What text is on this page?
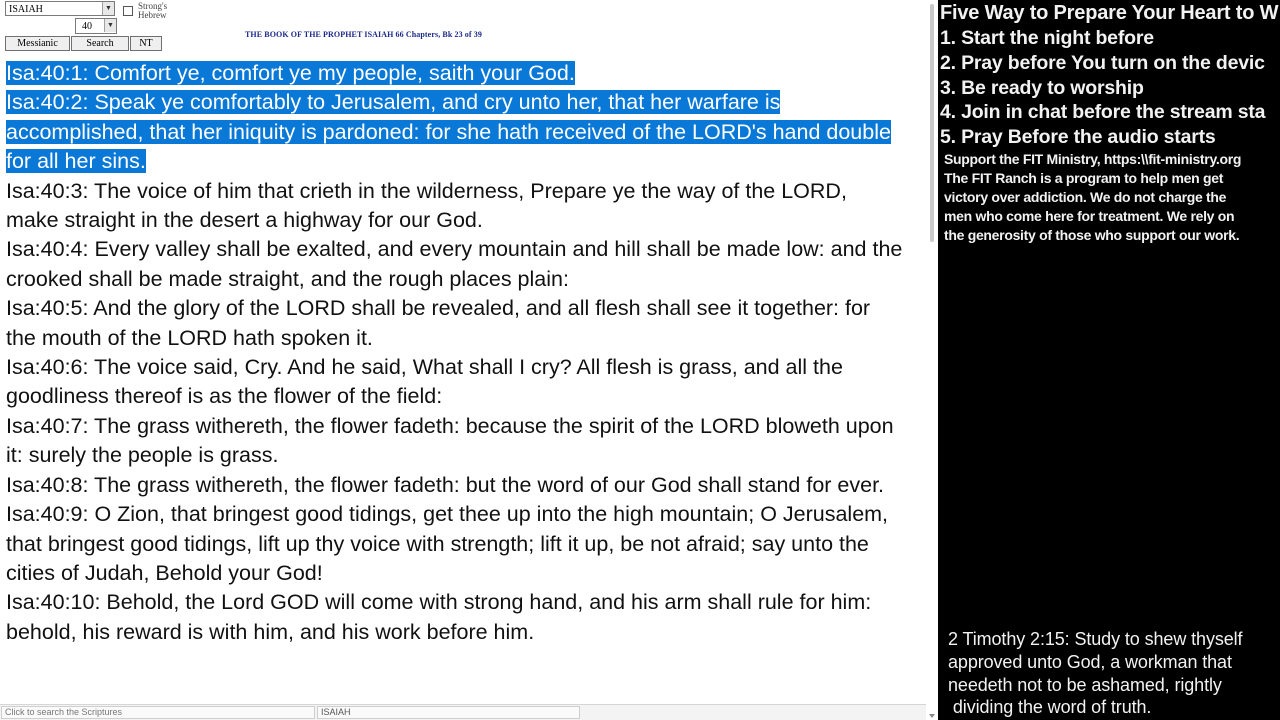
ISAIAH	▼	Strong's
Hebrew
40	▼
Messianic	Search	NT
THE BOOK OF THE PROPHET ISAIAH 66 Chapters, Bk 23 of 39

Isa:40:1: Comfort ye, comfort ye my people, saith your God.

Isa:40:2: Speak ye comfortably to Jerusalem, and cry unto her, that her warfare is accomplished, that her iniquity is pardoned: for she hath received of the LORD's hand double for all her sins.

Isa:40:3: The voice of him that crieth in the wilderness, Prepare ye the way of the LORD, make straight in the desert a highway for our God.

Isa:40:4: Every valley shall be exalted, and every mountain and hill shall be made low: and the crooked shall be made straight, and the rough places plain:

Isa:40:5: And the glory of the LORD shall be revealed, and all flesh shall see it together: for the mouth of the LORD hath spoken it.

Isa:40:6: The voice said, Cry. And he said, What shall I cry? All flesh is grass, and all the goodliness thereof is as the flower of the field:

Isa:40:7: The grass withereth, the flower fadeth: because the spirit of the LORD bloweth upon it: surely the people is grass.

Isa:40:8: The grass withereth, the flower fadeth: but the word of our God shall stand for ever.

Isa:40:9: O Zion, that bringest good tidings, get thee up into the high mountain; O Jerusalem, that bringest good tidings, lift up thy voice with strength; lift it up, be not afraid; say unto the cities of Judah, Behold your God!

Isa:40:10: Behold, the Lord GOD will come with strong hand, and his arm shall rule for him: behold, his reward is with him, and his work before him.

Click to search the Scriptures	ISAIAH
Five Way to Prepare Your Heart to W
1. Start the night before
2. Pray before You turn on the devic
3. Be ready to worship
4. Join in chat before the stream sta
5. Pray Before the audio starts

Support the FIT Ministry, https:\\fit-ministry.org

The FIT Ranch is a program to help men get

victory over addiction. We do not charge the

men who come here for treatment. We rely on

the generosity of those who support our work.

2 Timothy 2:15: Study to shew thyself
approved unto God, a workman that
needeth not to be ashamed, rightly
dividing the word of truth.
